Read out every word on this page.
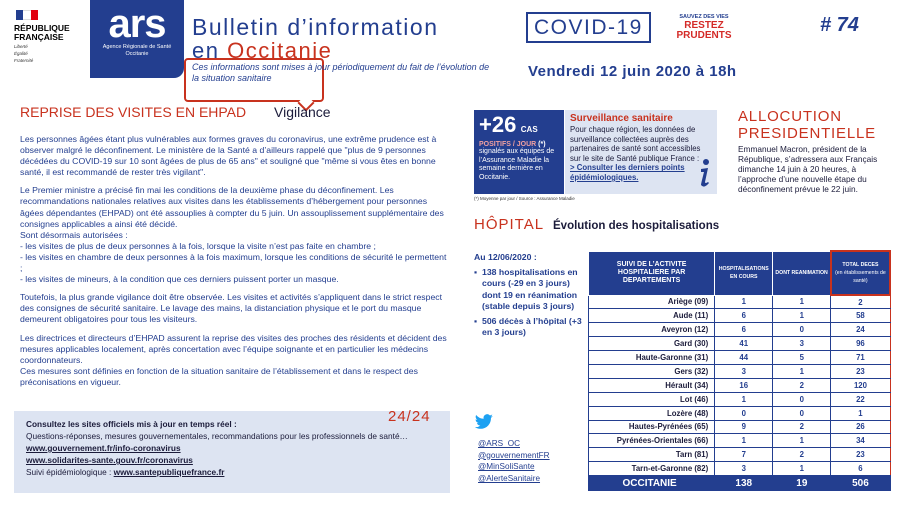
RÉPUBLIQUE
FRANÇAISE
Liberté
Égalité
Fraternité
ars
Agence Régionale de Santé
Occitanie
Bulletin d’information
en Occitanie
COVID-19	SAUVEZ DES VIES
RESTEZ
PRUDENTS	# 74
Ces informations sont mises à jour périodiquement du fait de l’évolution de la situation sanitaire	Vendredi 12 juin 2020 à 18h
REPRISE DES VISITES EN EHPAD Vigilance

Les personnes âgées étant plus vulnérables aux formes graves du coronavirus, une extrême prudence est à observer malgré le déconfinement. Le ministère de la Santé a d’ailleurs rappelé que "plus de 9 personnes décédées du COVID-19 sur 10 sont âgées de plus de 65 ans" et souligné que "même si vous êtes en bonne santé, il est recommandé de rester très vigilant".

Le Premier ministre a précisé fin mai les conditions de la deuxième phase du déconfinement. Les recommandations nationales relatives aux visites dans les établissements d’hébergement pour personnes âgées dépendantes (EHPAD) ont été assouplies à compter du 5 juin. Un assouplissement supplémentaire des consignes applicables a ainsi été décidé.
Sont désormais autorisées :
- les visites de plus de deux personnes à la fois, lorsque la visite n’est pas faite en chambre ;
- les visites en chambre de deux personnes à la fois maximum, lorsque les conditions de sécurité le permettent ;
- les visites de mineurs, à la condition que ces derniers puissent porter un masque.

Toutefois, la plus grande vigilance doit être observée. Les visites et activités s’appliquent dans le strict respect des consignes de sécurité sanitaire. Le lavage des mains, la distanciation physique et le port du masque demeurent obligatoires pour tous les visiteurs.

Les directrices et directeurs d’EHPAD assurent la reprise des visites des proches des résidents et décident des mesures applicables localement, après concertation avec l’équipe soignante et en particulier les médecins coordonnateurs.
Ces mesures sont définies en fonction de la situation sanitaire de l’établissement et dans le respect des préconisations en vigueur.

Consultez les sites officiels mis à jour en temps réel :
Questions-réponses, mesures gouvernementales, recommandations pour les professionnels de santé…
www.gouvernement.fr/info-coronavirus
www.solidarites-sante.gouv.fr/coronavirus
Suivi épidémiologique : www.santepubliquefrance.fr
24/24
+26 CAS
POSITIFS / JOUR (*)
signalés aux équipes de l’Assurance Maladie la semaine dernière en Occitanie.
(*) Moyenne par jour / Source : Assurance Maladie
Surveillance sanitaire
Pour chaque région, les données de surveillance collectées auprès des partenaires de santé sont accessibles sur le site de Santé publique France :
> Consulter les derniers points épidémiologiques.
ALLOCUTION
PRESIDENTIELLE
Emmanuel Macron, président de la République, s’adressera aux Français dimanche 14 juin à 20 heures, à l’approche d’une nouvelle étape du déconfinement prévue le 22 juin.
HÔPITAL Évolution des hospitalisations
Au 12/06/2020 :
▪ 138 hospitalisations en cours (-29 en 3 jours) dont 19 en réanimation (stable depuis 3 jours)
▪ 506 décès à l’hôpital (+3 en 3 jours)
@ARS_OC
@gouvernementFR
@MinSoliSante
@AlerteSanitaire
SUIVI DE L’ACTIVITE HOSPITALIERE PAR DEPARTEMENTS	HOSPITALISATIONS EN COURS	DONT REANIMATION	TOTAL DECES
(en établissements de santé)
Ariège (09)	1	1	2
Aude (11)	6	1	58
Aveyron (12)	6	0	24
Gard (30)	41	3	96
Haute-Garonne (31)	44	5	71
Gers (32)	3	1	23
Hérault (34)	16	2	120
Lot (46)	1	0	22
Lozère (48)	0	0	1
Hautes-Pyrénées (65)	9	2	26
Pyrénées-Orientales (66)	1	1	34
Tarn (81)	7	2	23
Tarn-et-Garonne (82)	3	1	6
OCCITANIE	138	19	506
